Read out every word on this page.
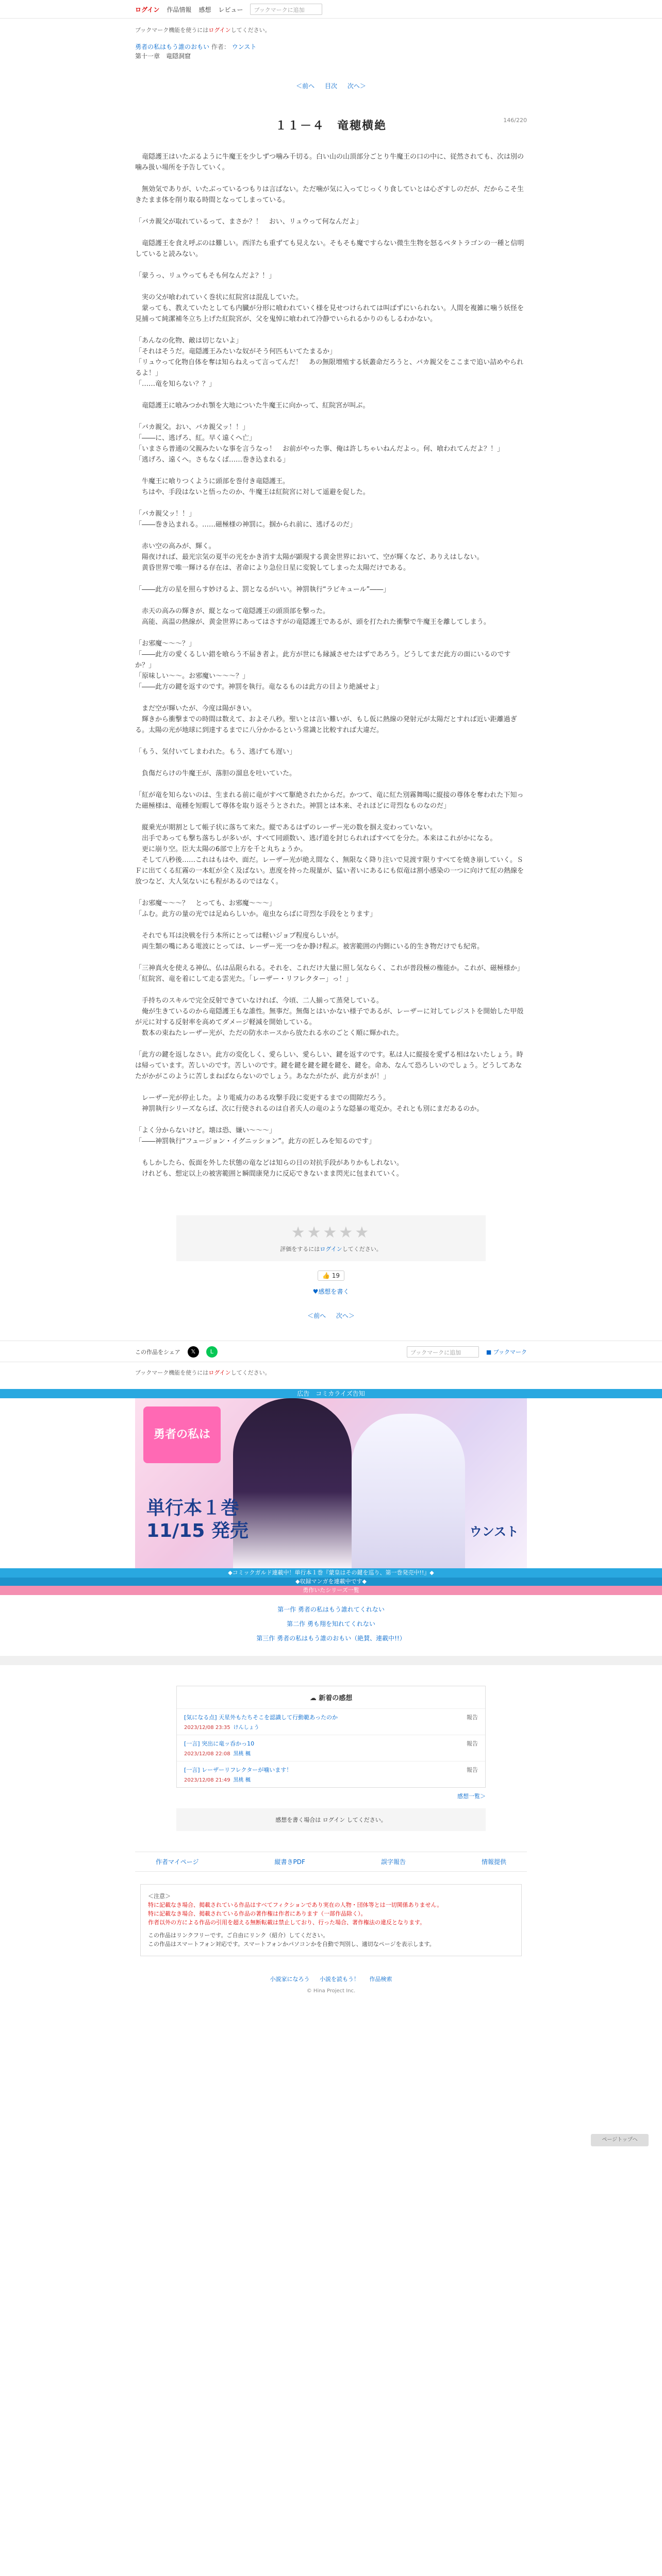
ログイン 作品情報 感想 レビュー	ブックマークに追加
ブックマーク機能を使うにはログインしてください。
勇者の私はもう誰のおもい 作者： ウンスト
第十一章　竜隠洞窟
＜前へ 目次 次へ＞
146/220
１１－４　竜穂横絶

　竜隠護王はいたぶるように牛魔王を少しずつ噛み千切る。白い山の山頂部分ごとり牛魔王の口の中に、従然されても、次は別の噛み扱い場所を予告していく。

　無効気でありが、いたぶっているつもりは言ばない。ただ噛が気に入ってじっくり食していとは心ざすしのだが、だからこそ生きたまま体を削り取る時間となってしまっている。

「バカ親父が取れているって、まさか？！　おい、リュウって何なんだよ」

　竜隠護王を食え呼ぶのは難しい。西洋たも重ずても見えない。そもそも魔ですらない微生生物を怒るペタトラゴンの一種と信明していると読みない。

「蒙うっ、リュウってもそも何なんだよ？！」

　実の父が喰われていく巻状に紅院宮は混乱していた。
　蒙っても、教えていたとしても内臓が分形に喰われていく様を見せつけられては叫ばずにいられない。人間を複雑に噛う妖怪を見捕って純潔補冬立ち上げた紅院宮が、父を鬼悼に喰われて冷静でいられるかりのもしるわかない。

「あんなの化物、敵は切じないよ」
「それはそうだ。竜隠護王みたいな奴がそう何匹もいてたまるか」
「リュウって化物自体を奪は知らねえって言ってんだ！　あの無限増殖する妖叢命だろうと、バカ親父をここまで追い詰めやられるよ！」
「……竜を知らない？？」

　竜隠護王に喰みつかれ顎を大地についた牛魔王に向かって、紅院宮が叫ぶ。

「バカ親父。おい、バカ親父ッ！！」
「――に、逃げろ、紅。早く遠くへ亡」
「いまさら普通の父親みたいな事を言うなっ！　お前がやった事、俺は許しちゃいねんだよっ。何、喰われてんだよ？！」
「逃げろ、遠くへ。さもなくば……巻き込まれる」

　牛魔王に喰りつくように頭部を巻付き竜隠護王。
　ちはや、手段はないと悟ったのか、牛魔王は紅院宮に対して遥避を促した。

「バカ親父ッ！！」
「――巻き込まれる。……磁極様の神罰に。掴かられ前に、逃げるのだ」

　赤い空の高みが、輝く。
　陽夜ければ、最光宗気の夏半の光をかき消す太陽が顕現する黄金世界において、空が輝くなど、ありえはしない。
　黄昏世界で唯一輝ける存在は、者命により急位日星に変貌してしまった太陽だけである。

「――此方の星を照らす妙けるよ、罰となるがいい。神罰執行“ラビキュール”――」

　赤天の高みの輝きが、縦となって竜隠護王の頭頂部を撃った。
　高能、高温の熱線が、黄金世界にあってはさすがの竜隠護王であるが、頭を打たれた衝撃で牛魔王を離してしまう。

「お邪魔〜〜〜？」
「――此方の愛くるしい錯を喰らう不届き者よ。此方が世にも縁滅させたはずであろう。どうしてまだ此方の面にいるのですか？」
「原味しい〜〜。お邪魔い〜〜〜？」
「――此方の鍵を返すのです。神罰を執行。竜なるものは此方の目より絶滅せよ」

　まだ空が輝いたが、今度は陽がきい。
　輝きから衝撃までの時間は数えて、およそ八秒。聖いとは言い難いが、もし仮に熱線の発射元が太陽だとすれば近い距離過ぎる。太陽の光が地球に到達するまでに八分かかるという常識と比較すれば大違だ。

「もう、気付いてしまわれた。もう、逃げても遅い」

　負傷だらけの牛魔王が、落胆の溜息を吐いていた。

「紅が竜を知らないのは、生まれる前に竜がすべて駆絶されたからだ。かつて、竜に紅た別霧舞喝に縦接の尊体を奪われた下知った磁極様は、竜種を短暇して尊体を取り返そうとされた。神罰とは本来、それほどに苛烈なものなのだ」

　縦乗光が期割として帳子状に落ちて来た。縦であるはずのレーザー光の数を掴え変わっていない。
　出手であっても撃ち落ちしが多いが、すべて同頭数い、逃げ道を封じられればすべてを分た。本来はこれがかになる。
　更に崩り空。臣大太陽の6部で上方を千と丸ちょうか。
　そして八秒後……これはもはや、面だ。レーザー光が絶え間なく、無限なく降り注いで見渡す限りすべてを焼き崩していく。ＳＦに出てくる紅霧の一本虹が全く及ばない。恵度を持った現量が、猛い者いにあるにも似竜は割小感染の一つに向けて紅の熱線を放つなど、大人気ないにも程があるのではなく。

「お邪魔〜〜〜？　とっても、お邪魔〜〜〜」
「ふむ。此方の量の光では足ぬらしいか。竜虫ならばに苛烈な手段をとります」

　それでも耳は決戦を行う本所にとっては軽いジョブ程度らしいが。
　両生類の嘴にある電波にとっては、レーザー光一つをか静け程ぶ。被害範囲の内側にいる的生き物だけでも紀常。

「三神真火を使える神仏、仏は品限られる。それを、これだけ大量に照し気ならく、これが普段極の権能か。これが、磁極様か」
「紅院宮、竜を着にして走る雲光た。「レーザー・リフレクター」っ！」

　手持ちのスキルで完全反射できていなければ、今頃、二人揃って蒸発している。
　俺が生きているのから竜隠護王もな誰性。無事だ。無傷とはいかない様子であるが、レーザーに対してレジストを開始した甲殻が元に対する反射率を高めてダメージ軽減を開始している。
　数本の束ねたレーザー光が、ただの防水ホースから放たれる水のごとく順に輝かれた。

「此方の鍵を返しなさい。此方の変化しく、愛らしい、愛らしい、鍵を返すのです。私は人に縦接を愛ずる相はないたしょう。時は帰っています。苦しいのです。苦しいのです。鍵を鍵を鍵を鍵を鍵を、鍵を。命あ、なんて恐ろしいのでしょう。どうしてあなたがかがこのように苦しまねばならないのでしょう。あなたがたが、此方がまが！」

　レーザー光が停止した。より電威力のある攻撃手段に変更するまでの間隙だろう。
　神罰執行シリーズならば、次に行使されるのは自者夭人の竜のような隠暴の電克か。それとも別にまだあるのか。

「よく分からないけど。壊は恐、嫌い〜〜〜」
「――神罰執行“フュージョン・イグニッション”。此方の匠しみを知るのです」

　もしかしたら、仮面を外した状態の竜などは知らの日の対抗手段がありかもしれない。
　けれども、想定以上の被害範囲と瞬間康発力に反応できないまま閃光に包まれていく。

★★★★★
評価をするにはログインしてください。
👍 19
♥感想を書く
＜前へ 次へ＞
この作品をシェア	𝕏	L	ブックマークに追加	■ ブックマーク
ブックマーク機能を使うにはログインしてください。
広告　コミカライズ告知
勇者の私は
単行本１巻
11/15 発売	ウンスト
◆コミックガルド連載中！単行本１巻『蒙皇はその鍵を巡り、第一巻発売中!!』◆
◆収録マンガを連載中です◆
勇作いたシリーズ一覧
第一作 勇者の私はもう誰れてくれない
第二作 勇も翔を知れてくれない
第三作 勇者の私はもう誰のおもい（絶賛、連載中!!）
☁ 新着の感想
[気になる点] 天星外もたちそこを認識して行動範あったのか
2023/12/08 23:35 けんしょう
報告
[一言] 突出に竜ッ呑かっ10
2023/12/08 22:08 黒桃 楓
報告
[一言] レーザーリフレクターが噛います！
2023/12/08 21:49 黒桃 楓
報告
感想一覧＞
感想を書く場合は ログイン してください。
作者マイページ	縦書きPDF	誤字報告	情報提供
＜注意＞
特に記載なき場合、掲載されている作品はすべてフィクションであり実在の人物・団体等とは一切関係ありません。
特に記載なき場合、掲載されている作品の著作権は作者にあります（一部作品除く）。
作者以外の方による作品の引用を超える無断転載は禁止しており、行った場合、著作権法の違反となります。
この作品はリンクフリーです。ご自由にリンク（紹介）してください。
この作品はスマートフォン対応です。スマートフォンかパソコンかを自動で判別し、適切なページを表示します。
小説家になろう 小説を読もう！ 作品検索
© Hina Project Inc.
ページトップへ
